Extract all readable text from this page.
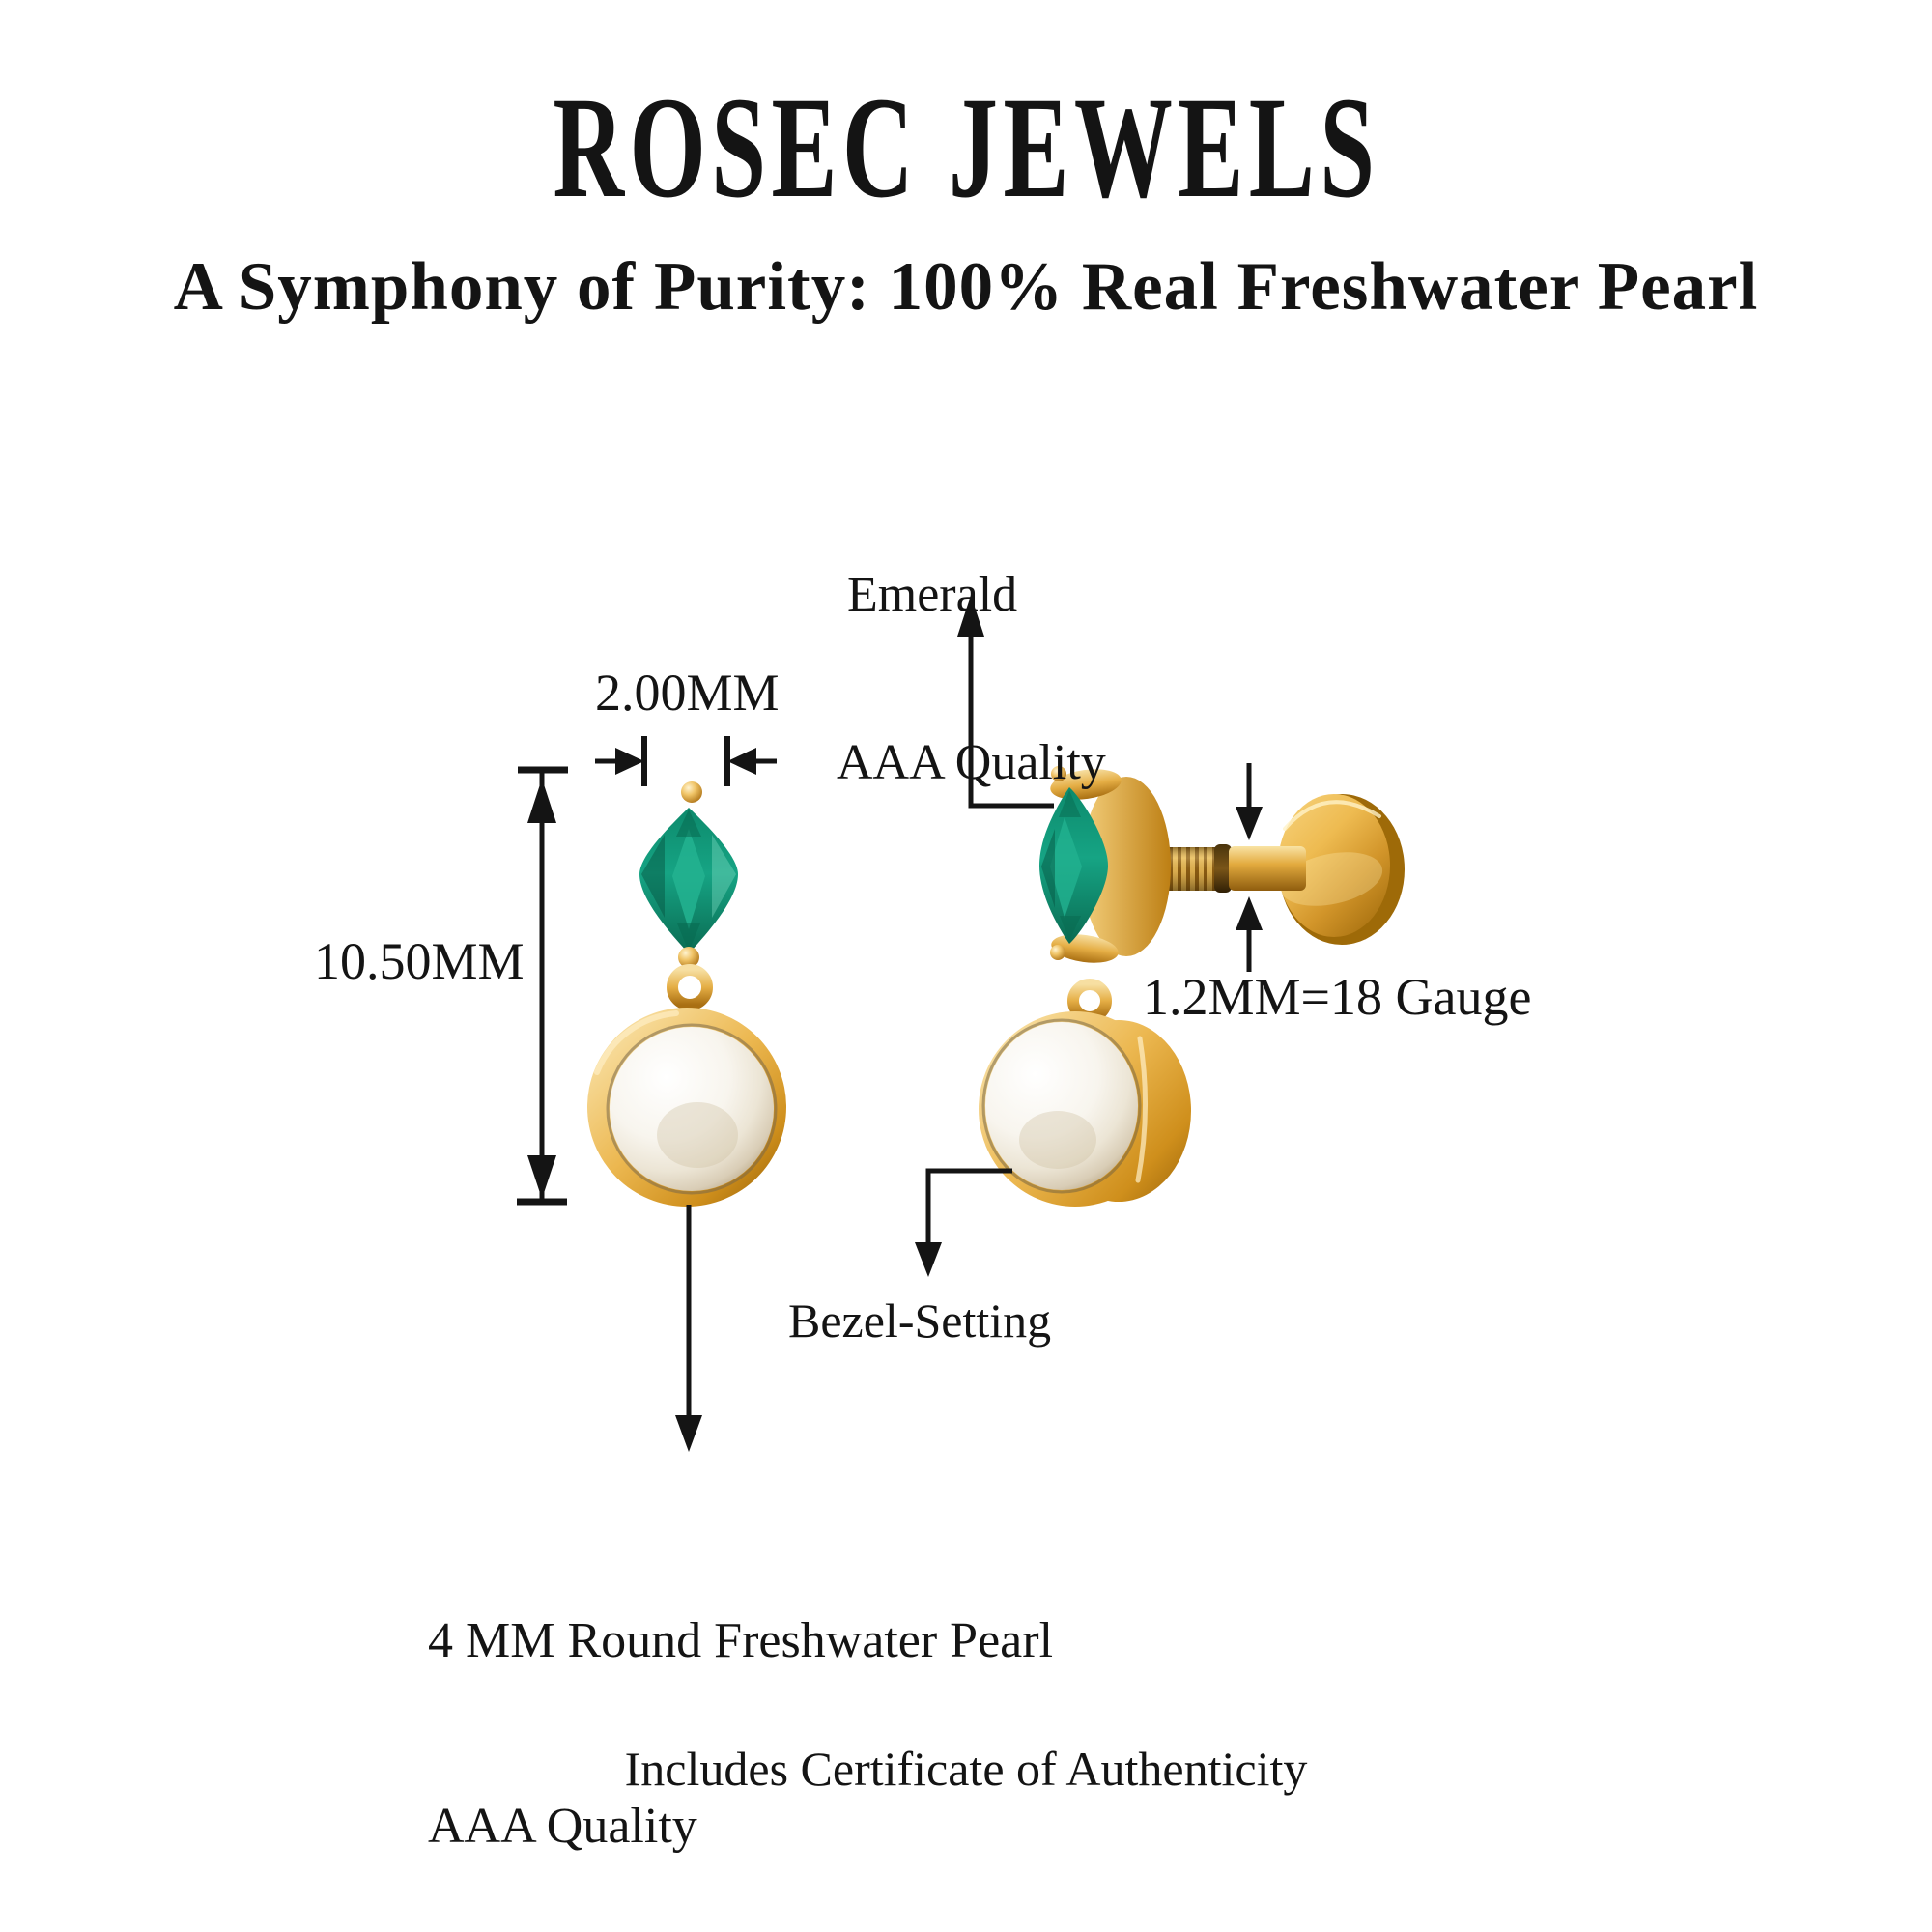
ROSEC JEWELS
A Symphony of Purity: 100% Real Freshwater Pearl

Emerald

AAA Quality

2.00MM
10.50MM
1.2MM=18 Gauge
Bezel-Setting

4 MM Round Freshwater Pearl

AAA Quality

Includes Certificate of Authenticity
